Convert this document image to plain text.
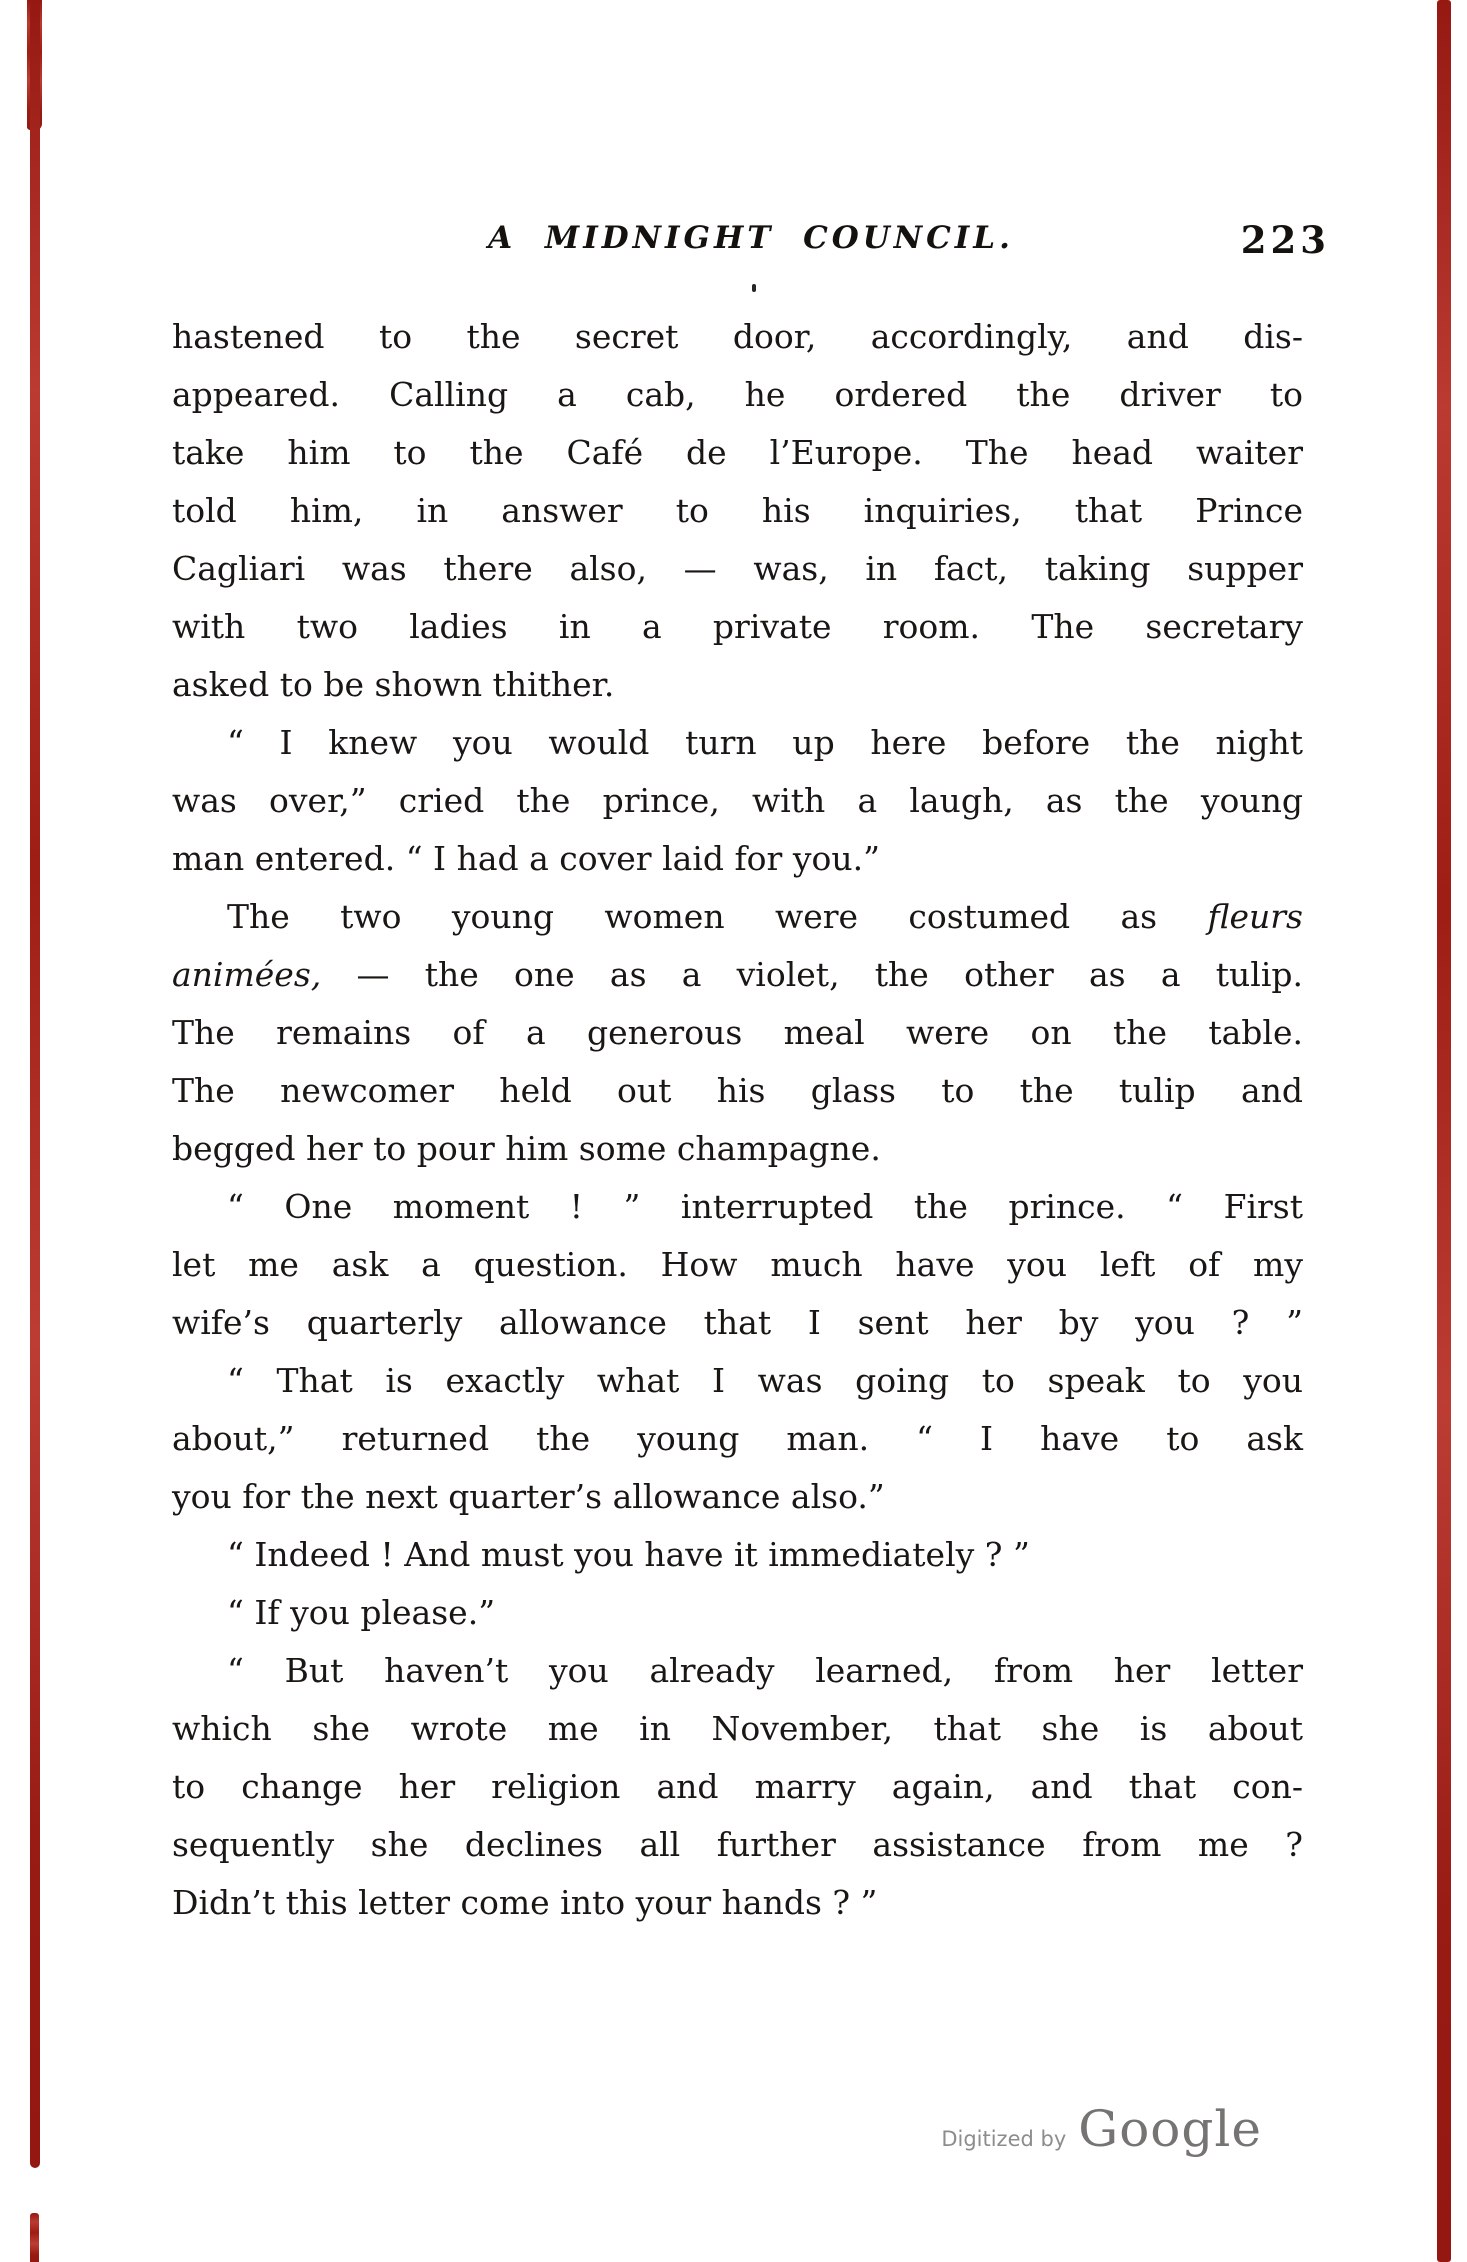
A MIDNIGHT COUNCIL.	223
hastened to the secret door, accordingly, and dis-
appeared. Calling a cab, he ordered the driver to
take him to the Café de l’Europe. The head waiter
told him, in answer to his inquiries, that Prince
Cagliari was there also, — was, in fact, taking supper
with two ladies in a private room. The secretary
asked to be shown thither.
“ I knew you would turn up here before the night
was over,” cried the prince, with a laugh, as the young
man entered. “ I had a cover laid for you.”
The two young women were costumed as fleurs
animées, — the one as a violet, the other as a tulip.
The remains of a generous meal were on the table.
The newcomer held out his glass to the tulip and
begged her to pour him some champagne.
“ One moment ! ” interrupted the prince. “ First
let me ask a question. How much have you left of my
wife’s quarterly allowance that I sent her by you ? ”
“ That is exactly what I was going to speak to you
about,” returned the young man. “ I have to ask
you for the next quarter’s allowance also.”
“ Indeed ! And must you have it immediately ? ”
“ If you please.”
“ But haven’t you already learned, from her letter
which she wrote me in November, that she is about
to change her religion and marry again, and that con-
sequently she declines all further assistance from me ?
Didn’t this letter come into your hands ? ”
Digitized by Google
